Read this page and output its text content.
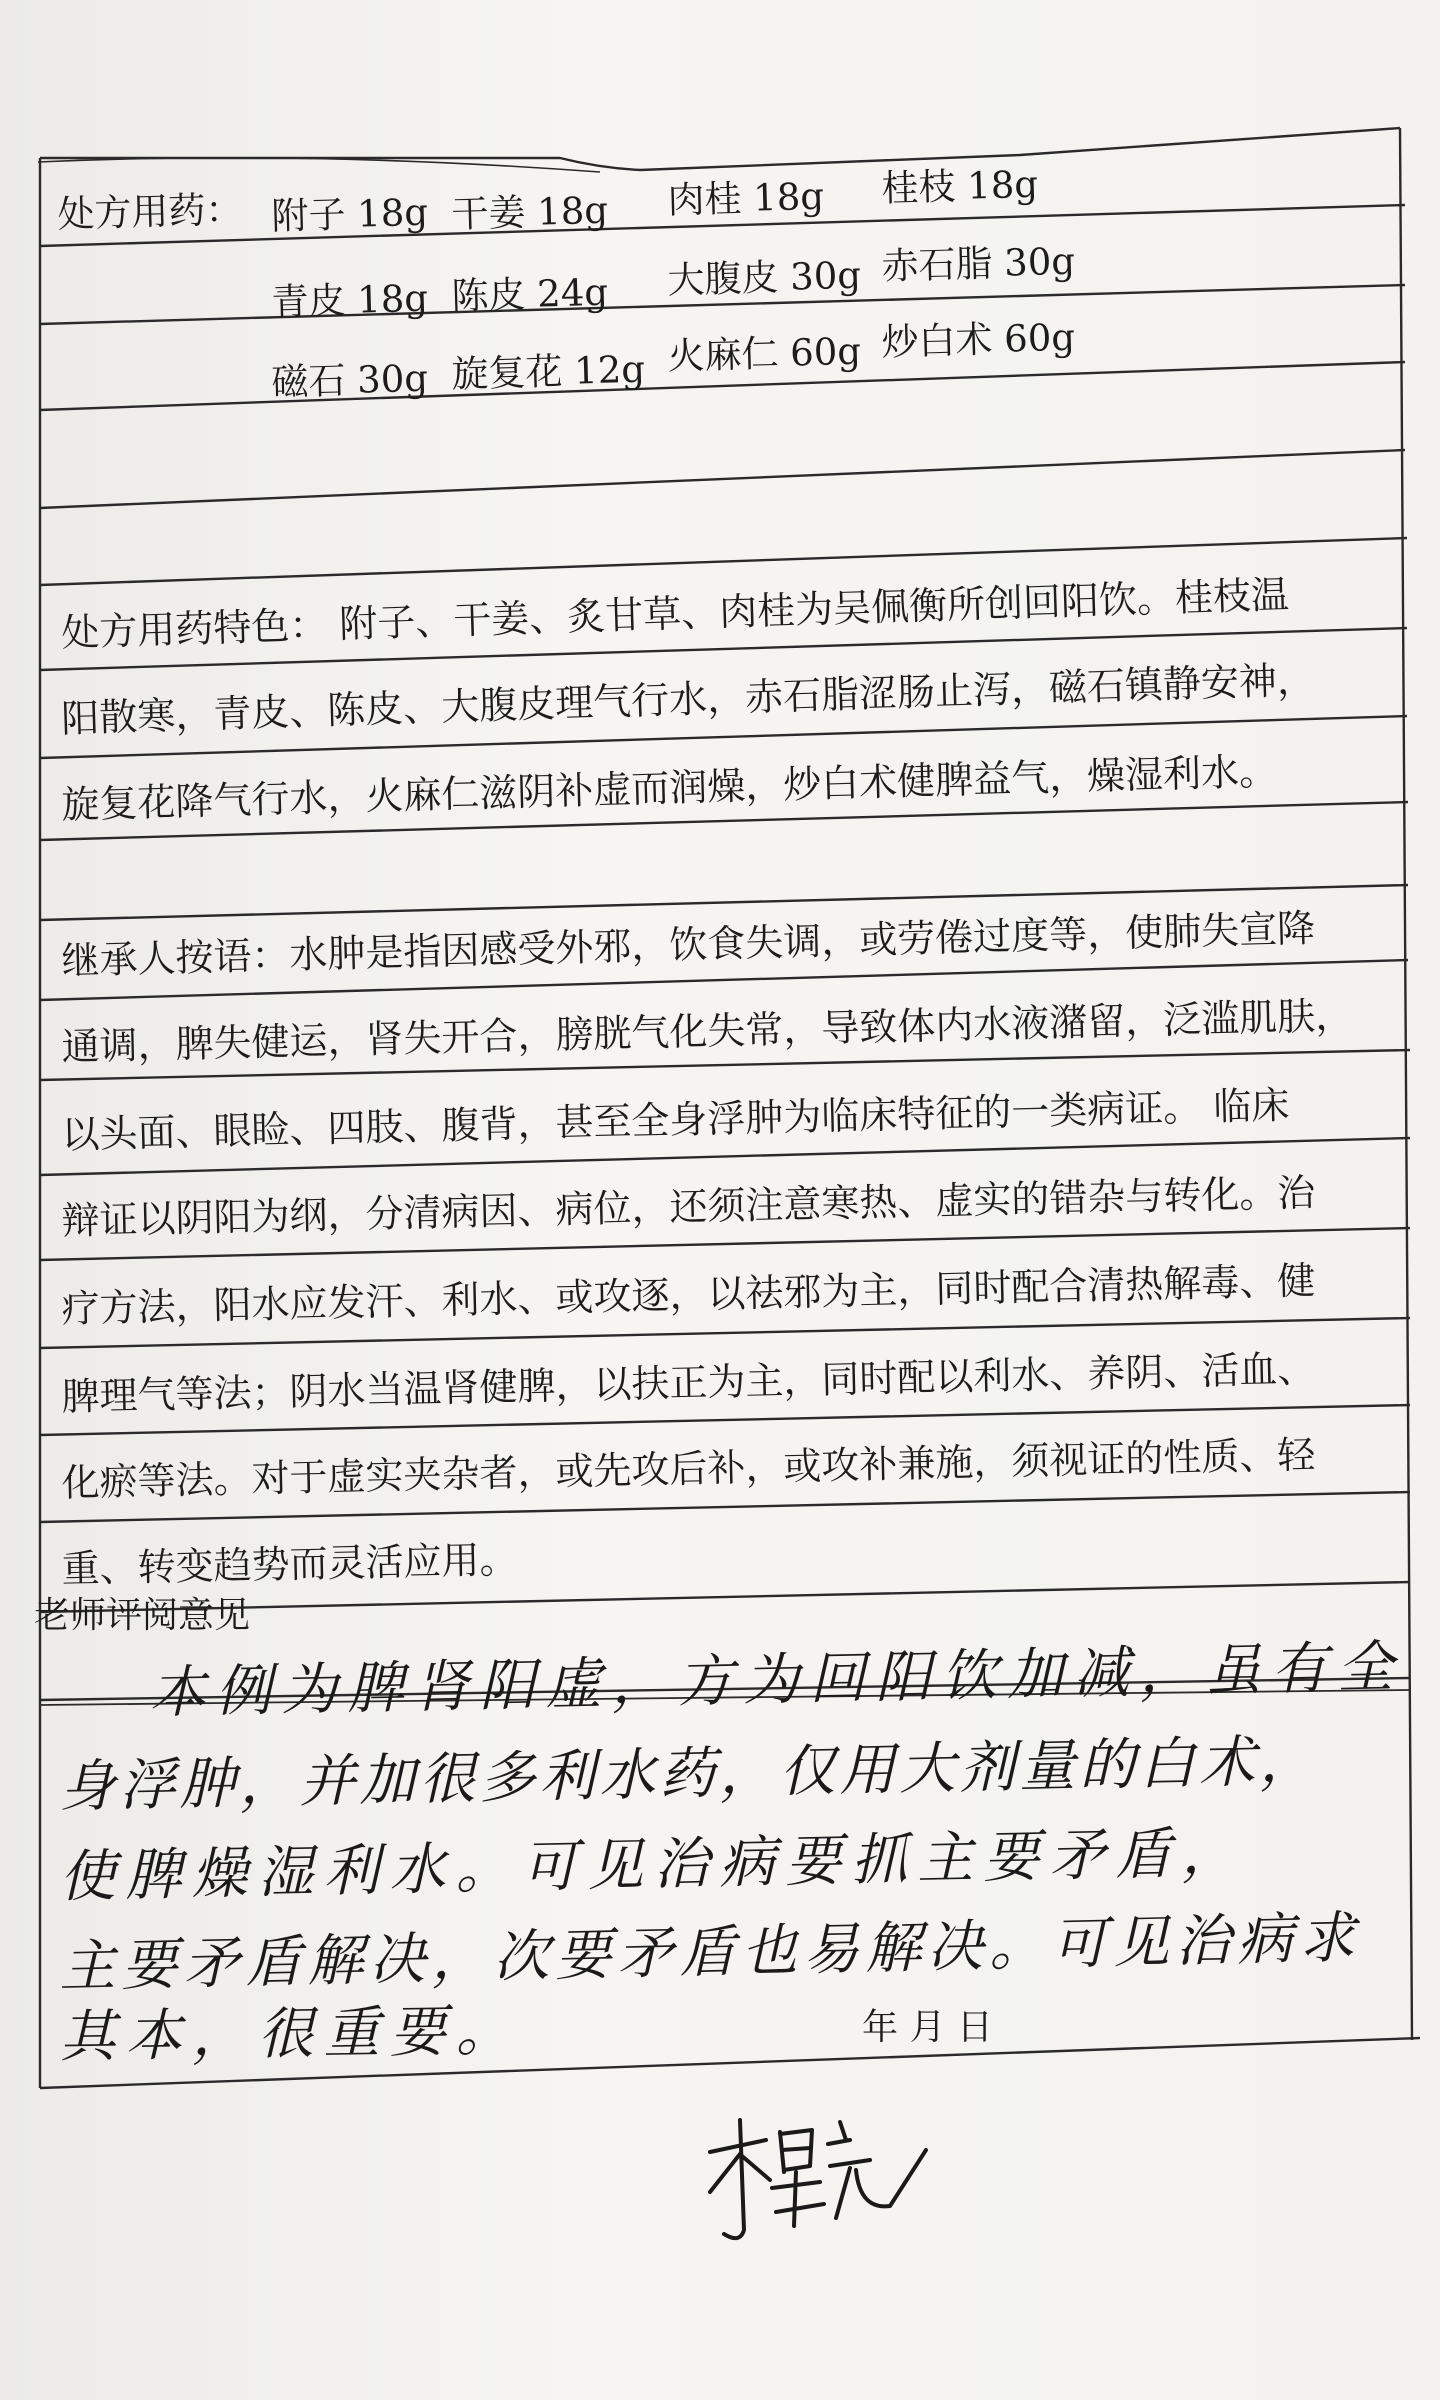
处方用药： 附子 18g 干姜 18g 肉桂 18g 桂枝 18g
青皮 18g 陈皮 24g 大腹皮 30g 赤石脂 30g
磁石 30g 旋复花 12g 火麻仁 60g 炒白术 60g
处方用药特色： 附子、干姜、炙甘草、肉桂为吴佩衡所创回阳饮。桂枝温
阳散寒，青皮、陈皮、大腹皮理气行水，赤石脂涩肠止泻，磁石镇静安神，
旋复花降气行水，火麻仁滋阴补虚而润燥，炒白术健脾益气，燥湿利水。
继承人按语：水肿是指因感受外邪，饮食失调，或劳倦过度等，使肺失宣降
通调，脾失健运，肾失开合，膀胱气化失常，导致体内水液潴留，泛滥肌肤，
以头面、眼睑、四肢、腹背，甚至全身浮肿为临床特征的一类病证。 临床
辩证以阴阳为纲，分清病因、病位，还须注意寒热、虚实的错杂与转化。治
疗方法，阳水应发汗、利水、或攻逐，以祛邪为主，同时配合清热解毒、健
脾理气等法；阴水当温肾健脾，以扶正为主，同时配以利水、养阴、活血、
化瘀等法。对于虚实夹杂者，或先攻后补，或攻补兼施，须视证的性质、轻
重、转变趋势而灵活应用。
老师评阅意见
本例为脾肾阳虚，方为回阳饮加减，虽有全
身浮肿，并加很多利水药，仅用大剂量的白术，
使脾燥湿利水。可见治病要抓主要矛盾，
主要矛盾解决，次要矛盾也易解决。可见治病求
其本，很重要。	年 月 日
